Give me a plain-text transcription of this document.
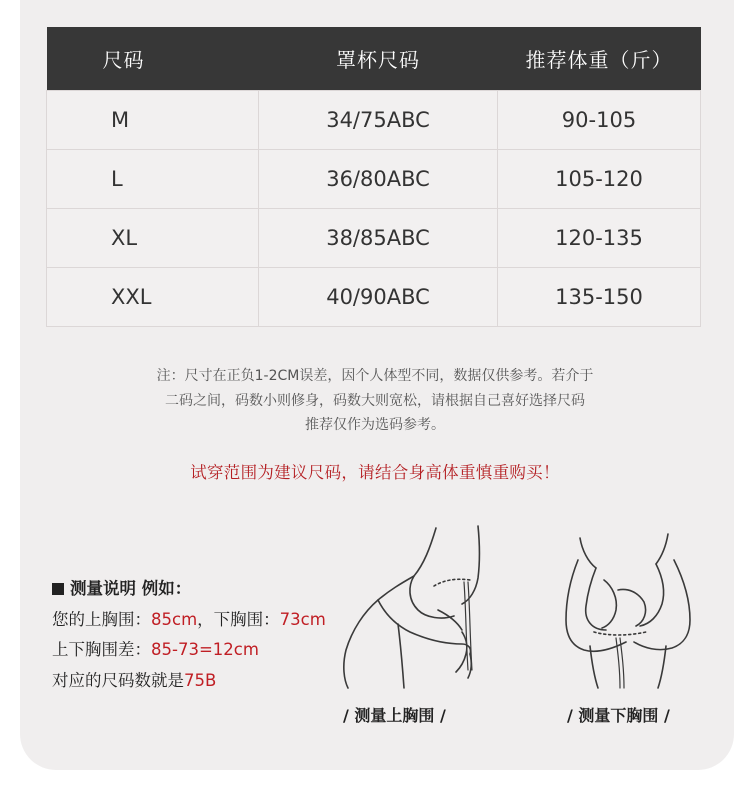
尺码	罩杯尺码	推荐体重（斤）
M	34/75ABC	90-105
L	36/80ABC	105-120
XL	38/85ABC	120-135
XXL	40/90ABC	135-150
注：尺寸在正负1-2CM误差，因个人体型不同，数据仅供参考。若介于
二码之间，码数小则修身，码数大则宽松，请根据自己喜好选择尺码
推荐仅作为选码参考。
试穿范围为建议尺码，请结合身高体重慎重购买！
测量说明 例如：
您的上胸围：85cm，下胸围：73cm
上下胸围差：85-73=12cm
对应的尺码数就是75B
/ 测量上胸围 /	/ 测量下胸围 /
